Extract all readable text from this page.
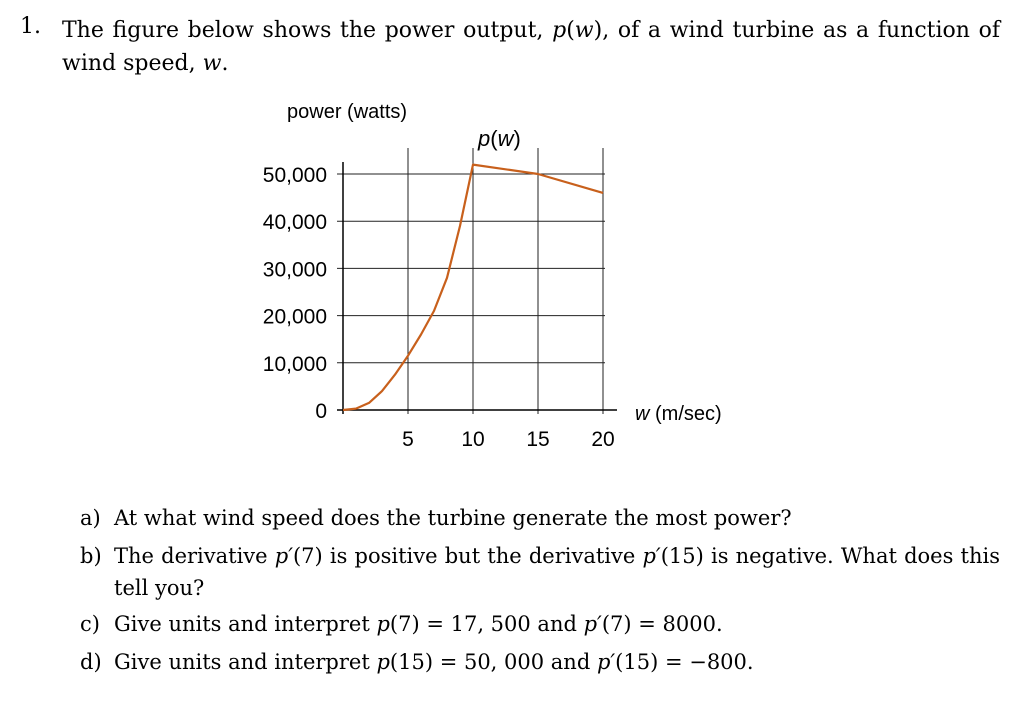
1. The figure below shows the power output, p(w), of a wind turbine as a function of wind speed, w.
0
10,000
20,000
30,000
40,000
50,000
5 10 15 20
power (watts)
p(w)
w (m/sec)
a) At what wind speed does the turbine generate the most power?
b) The derivative p′(7) is positive but the derivative p′(15) is negative. What does this tell you?
c) Give units and interpret p(7) = 17, 500 and p′(7) = 8000.
d) Give units and interpret p(15) = 50, 000 and p′(15) = −800.
